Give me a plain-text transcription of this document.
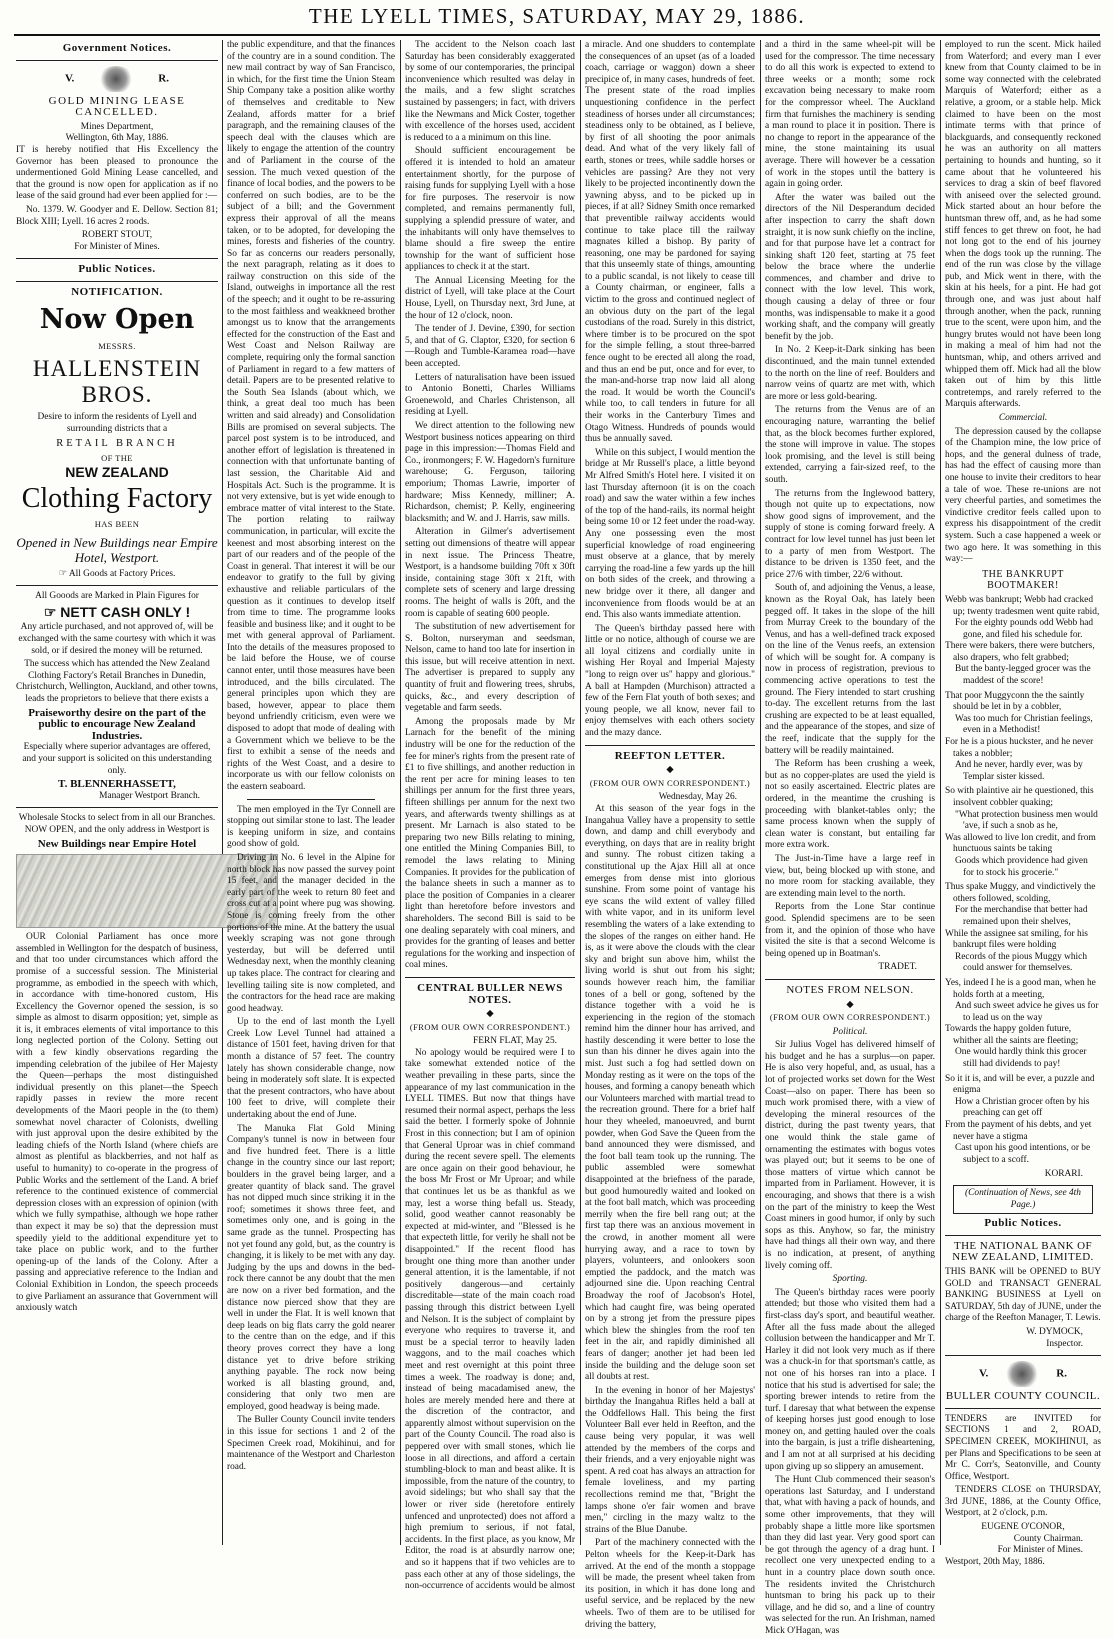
THE LYELL TIMES, SATURDAY, MAY 29, 1886.
Government Notices.
V.	R.
GOLD MINING LEASE CANCELLED.
Mines Department,
Wellington, 6th May, 1886.

IT is hereby notified that His Excellency the Governor has been pleased to pronounce the undermentioned Gold Mining Lease cancelled, and that the ground is now open for application as if no lease of the said ground had ever been applied for :—

No. 1379. W. Goodyer and E. Dellow. Section 81; Block XIII; Lyell. 16 acres 2 roods.

ROBERT STOUT,
For Minister of Mines.
Public Notices.
NOTIFICATION.
Now Open
MESSRS.
HALLENSTEIN BROS.
Desire to inform the residents of Lyell and surrounding districts that a
RETAIL BRANCH
OF THE
NEW ZEALAND
Clothing Factory
HAS BEEN
Opened in New Buildings near Empire Hotel, Westport.
☞ All Goods at Factory Prices.
All Gooods are Marked in Plain Figures for
☞ NETT CASH ONLY !

Any article purchased, and not approved of, will be exchanged with the same courtesy with which it was sold, or if desired the money will be returned.

The success which has attended the New Zealand Clothing Factory's Retail Branches in Dunedin, Christchurch, Wellington, Auckland, and other towns, leads the proprietors to believe that there exists a

Praiseworthy desire on the part of the public to encourage New Zealand Industries.

Especially where superior advantages are offered, and your support is solicited on this understanding only.

T. BLENNERHASSETT,
Manager Westport Branch.

Wholesale Stocks to select from in all our Branches. NOW OPEN, and the only address in Westport is

New Buildings near Empire Hotel

OUR Colonial Parliament has once more assembled in Wellington for the despatch of business, and that too under circumstances which afford the promise of a successful session. The Ministerial programme, as embodied in the speech with which, in accordance with time-honored custom, His Excellency the Governor opened the session, is so simple as almost to disarm opposition; yet, simple as it is, it embraces elements of vital importance to this long neglected portion of the Colony. Setting out with a few kindly observations regarding the impending celebration of the jubilee of Her Majesty the Queen—perhaps the most distinguished individual presently on this planet—the Speech rapidly passes in review the more recent developments of the Maori people in the (to them) somewhat novel character of Colonists, dwelling with just approval upon the desire exhibited by the leading chiefs of the North Island (where chiefs are almost as plentiful as blackberries, and not half as useful to humanity) to co-operate in the progress of Public Works and the settlement of the Land. A brief reference to the continued existence of commercial depression closes with an expression of opinion (with which we fully sympathise, although we hope rather than expect it may be so) that the depression must speedily yield to the additional expenditure yet to take place on public work, and to the further opening-up of the lands of the Colony. After a passing and appreciative reference to the Indian and Colonial Exhibition in London, the speech proceeds to give Parliament an assurance that Government will anxiously watch

the public expenditure, and that the finances of the country are in a sound condition. The new mail contract by way of San Francisco, in which, for the first time the Union Steam Ship Company take a position alike worthy of themselves and creditable to New Zealand, affords matter for a brief paragraph, and the remaining clauses of the speech deal with the clauses which are likely to engage the attention of the country and of Parliament in the course of the session. The much vexed question of the finance of local bodies, and the powers to be conferred on such bodies, are to be the subject of a bill; and the Government express their approval of all the means taken, or to be adopted, for developing the mines, forests and fisheries of the country. So far as concerns our readers personally, the next paragraph, relating as it does to railway construction on this side of the Island, outweighs in importance all the rest of the speech; and it ought to be re-assuring to the most faithless and weakkneed brother amongst us to know that the arrangements effected for the construction of the East and West Coast and Nelson Railway are complete, requiring only the formal sanction of Parliament in regard to a few matters of detail. Papers are to be presented relative to the South Sea Islands (about which, we think, a great deal too much has been written and said already) and Consolidation Bills are promised on several subjects. The parcel post system is to be introduced, and another effort of legislation is threatened in connection with that unfortunate banting of last session, the Charitable Aid and Hospitals Act. Such is the programme. It is not very extensive, but is yet wide enough to embrace matter of vital interest to the State. The portion relating to railway communication, in particular, will excite the keenest and most absorbing interest on the part of our readers and of the people of the Coast in general. That interest it will be our endeavor to gratify to the full by giving exhaustive and reliable particulars of the question as it continues to develop itself from time to time. The programme looks feasible and business like; and it ought to be met with general approval of Parliament. Into the details of the measures proposed to be laid before the House, we of course cannot enter, until those measures have been introduced, and the bills circulated. The general principles upon which they are based, however, appear to place them beyond unfriendly criticism, even were we disposed to adopt that mode of dealing with a Government which we believe to be the first to exhibit a sense of the needs and rights of the West Coast, and a desire to incorporate us with our fellow colonists on the eastern seaboard.

The men employed in the Tyr Connell are stopping out similar stone to last. The leader is keeping uniform in size, and contains good show of gold.

Driving in No. 6 level in the Alpine for north block has now passed the survey point 15 feet, and the manager decided in the early part of the week to return 80 feet and cross cut at a point where pug was showing. Stone is coming freely from the other portions of the mine. At the battery the usual weekly scraping was not gone through yesterday, but will be deferred until Wednesday next, when the monthly cleaning up takes place. The contract for clearing and levelling tailing site is now completed, and the contractors for the head race are making good headway.

Up to the end of last month the Lyell Creek Low Level Tunnel had attained a distance of 1501 feet, having driven for that month a distance of 57 feet. The country lately has shown considerable change, now being in moderately soft slate. It is expected that the present contractors, who have about 100 feet to drive, will complete their undertaking about the end of June.

The Manuka Flat Gold Mining Company's tunnel is now in between four and five hundred feet. There is a little change in the country since our last report; boulders in the gravel being larger, and a greater quantity of black sand. The gravel has not dipped much since striking it in the roof; sometimes it shows three feet, and sometimes only one, and is going in the same grade as the tunnel. Prospecting has not yet found any gold, but, as the country is changing, it is likely to be met with any day. Judging by the ups and downs in the bed-rock there cannot be any doubt that the men are now on a river bed formation, and the distance now pierced show that they are well in under the Flat. It is well known that deep leads on big flats carry the gold nearer to the centre than on the edge, and if this theory proves correct they have a long distance yet to drive before striking anything payable. The rock now being worked is all blasting ground, and, considering that only two men are employed, good headway is being made.

The Buller County Council invite tenders in this issue for sections 1 and 2 of the Specimen Creek road, Mokihinui, and for maintenance of the Westport and Charleston road.

The accident to the Nelson coach last Saturday has been considerably exaggerated by some of our contemporaries, the principal inconvenience which resulted was delay in the mails, and a few slight scratches sustained by passengers; in fact, with drivers like the Newmans and Mick Coster, together with excellence of the horses used, accident is reduced to a a minimum on this line.

Should sufficient encouragement be offered it is intended to hold an amateur entertainment shortly, for the purpose of raising funds for supplying Lyell with a hose for fire purposes. The reservoir is now completed, and remains permanently full, supplying a splendid pressure of water, and the inhabitants will only have themselves to blame should a fire sweep the entire township for the want of sufficient hose appliances to check it at the start.

The Annual Licensing Meeting for the district of Lyell, will take place at the Court House, Lyell, on Thursday next, 3rd June, at the hour of 12 o'clock, noon.

The tender of J. Devine, £390, for section 5, and that of G. Claptor, £320, for section 6—Rough and Tumble-Karamea road—have been accepted.

Letters of naturalisation have been issued to Antonio Bonetti, Charles Williams Groenewold, and Charles Christenson, all residing at Lyell.

We direct attention to the following new Westport business notices appearing on third page in this impression:—Thomas Field and Co., ironmongers; F. W. Hagedorn's furniture warehouse; G. Ferguson, tailoring emporium; Thomas Lawrie, importer of hardware; Miss Kennedy, milliner; A. Richardson, chemist; P. Kelly, engineering blacksmith; and W. and J. Harris, saw mills.

Alteration in Gilmer's advertisement setting out dimensions of theatre will appear in next issue. The Princess Theatre, Westport, is a handsome building 70ft x 30ft inside, containing stage 30ft x 21ft, with complete sets of scenery and large dressing rooms. The height of walls is 20ft, and the room is capable of seating 600 people.

The substitution of new advertisement for S. Bolton, nurseryman and seedsman, Nelson, came to hand too late for insertion in this issue, but will receive attention in next. The advertiser is prepared to supply any quantity of fruit and flowering trees, shrubs, quicks, &c., and every description of vegetable and farm seeds.

Among the proposals made by Mr Larnach for the benefit of the mining industry will be one for the reduction of the fee for miner's rights from the present rate of £1 to five shillings, and another reduction in the rent per acre for mining leases to ten shillings per annum for the first three years, fifteen shillings per annum for the next two years, and afterwards twenty shillings as at present. Mr Larnach is also stated to be preparing two new Bills relating to mining, one entitled the Mining Companies Bill, to remodel the laws relating to Mining Companies. It provides for the publication of the balance sheets in such a manner as to place the position of Companies in a clearer light than heretofore before investors and shareholders. The second Bill is said to be one dealing separately with coal miners, and provides for the granting of leases and better regulations for the working and inspection of coal mines.

CENTRAL BULLER NEWS NOTES.
◆
(FROM OUR OWN CORRESPONDENT.)
FERN FLAT, May 25.

No apology would be required were I to take somewhat extended notice of the weather prevailing in these parts, since the appearance of my last communication in the LYELL TIMES. But now that things have resumed their normal aspect, perhaps the less said the better. I formerly spoke of Johnnie Frost in this connection; but I am of opinion that General Uproar was in chief command during the recent severe spell. The elements are once again on their good behaviour, he the boss Mr Frost or Mr Uproar; and while that continues let us be as thankful as we may, lest a worse thing befall us. Steady, solid, good weather cannot reasonably be expected at mid-winter, and "Blessed is he that expecteth little, for verily he shall not be disappointed." If the recent flood has brought one thing more than another under general attention, it is the lamentable, if not positively dangerous—and certainly discreditable—state of the main coach road passing through this district between Lyell and Nelson. It is the subject of complaint by everyone who requires to traverse it, and must be a special terror to heavily laden waggons, and to the mail coaches which meet and rest overnight at this point three times a week. The roadway is done; and, instead of being macadamised anew, the holes are merely mended here and there at the discretion of the contractor, and apparently almost without supervision on the part of the County Council. The road also is peppered over with small stones, which lie loose in all directions, and afford a certain stumbling-block to man and beast alike. It is impossible, from the nature of the country, to avoid sidelings; but who shall say that the lower or river side (heretofore entirely unfenced and unprotected) does not afford a high premium to serious, if not fatal, accidents. In the first place, as you know, Mr Editor, the road is at absurdly narrow one; and so it happens that if two vehicles are to pass each other at any of those sidelings, the non-occurrence of accidents would be almost

a miracle. And one shudders to contemplate the consequences of an upset (as of a loaded coach, carriage or waggon) down a sheer precipice of, in many cases, hundreds of feet. The present state of the road implies unquestioning confidence in the perfect steadiness of horses under all circumstances; steadiness only to be obtained, as I believe, by first of all shooting the poor animals dead. And what of the very likely fall of earth, stones or trees, while saddle horses or vehicles are passing? Are they not very likely to be projected incontinently down the yawning abyss, and to be picked up in pieces, if at all? Sidney Smith once remarked that preventible railway accidents would continue to take place till the railway magnates killed a bishop. By parity of reasoning, one may be pardoned for saying that this unseemly state of things, amounting to a public scandal, is not likely to cease till a County chairman, or engineer, falls a victim to the gross and continued neglect of an obvious duty on the part of the legal custodians of the road. Surely in this district, where timber is to be procured on the spot for the simple felling, a stout three-barred fence ought to be erected all along the road, and thus an end be put, once and for ever, to the man-and-horse trap now laid all along the road. It would be worth the Council's while too, to call tenders in future for all their works in the Canterbury Times and Otago Witness. Hundreds of pounds would thus be annually saved.

While on this subject, I would mention the bridge at Mr Russell's place, a little beyond Mr Alfred Smith's Hotel here. I visited it on last Thursday afternoon (it is on the coach road) and saw the water within a few inches of the top of the hand-rails, its normal height being some 10 or 12 feet under the road-way. Any one possessing even the most superficial knowledge of road engineering must observe at a glance, that by merely carrying the road-line a few yards up the hill on both sides of the creek, and throwing a new bridge over it there, all danger and inconvenience from floods would be at an end. This also wants immediate attention.

The Queen's birthday passed here with little or no notice, although of course we are all loyal citizens and cordially unite in wishing Her Royal and Imperial Majesty "long to reign over us" happy and glorious." A ball at Hampden (Murchison) attracted a few of the Fern Flat youth of both sexes; and young people, we all know, never fail to enjoy themselves with each others society and the mazy dance.

REEFTON LETTER.
◆
(FROM OUR OWN CORRESPONDENT.)
Wednesday, May 26.

At this season of the year fogs in the Inangahua Valley have a propensity to settle down, and damp and chill everybody and everything, on days that are in reality bright and sunny. The robust citizen taking a constitutional up the Ajax Hill all at once emerges from dense mist into glorious sunshine. From some point of vantage his eye scans the wild extent of valley filled with white vapor, and in its uniform level resembling the waters of a lake extending to the slopes of the ranges on either hand. He is, as it were above the clouds with the clear sky and bright sun above him, whilst the living world is shut out from his sight; sounds however reach him, the familiar tones of a bell or gong, softened by the distance together with a void he is experiencing in the region of the stomach remind him the dinner hour has arrived, and hastily descending it were better to lose the sun than his dinner he dives again into the mist. Just such a fog had settled down on Monday resting as it were on the tops of the houses, and forming a canopy beneath which our Volunteers marched with martial tread to the recreation ground. There for a brief half hour they wheeled, manoeuvred, and burnt powder, when God Save the Queen from the band announced they were dismissed, and the foot ball team took up the running. The public assembled were somewhat disappointed at the briefness of the parade, but good humouredly waited and looked on at the foot ball match, which was proceeding merrily when the fire bell rang out; at the first tap there was an anxious movement in the crowd, in another moment all were hurrying away, and a race to town by players, volunteers, and onlookers soon emptied the paddock, and the match was adjourned sine die. Upon reaching Central Broadway the roof of Jacobson's Hotel, which had caught fire, was being operated on by a strong jet from the pressure pipes which blew the shingles from the roof ten feet in the air, and rapidly diminished all fears of danger; another jet had been led inside the building and the deluge soon set all doubts at rest.

In the evening in honor of her Majestys' birthday the Inangahua Rifles held a ball at the Oddfellows Hall. This being the first Volunteer Ball ever held in Reefton, and the cause being very popular, it was well attended by the members of the corps and their friends, and a very enjoyable night was spent. A red coat has always an attraction for female loveliness, and my parting recollections remind me that, "Bright the lamps shone o'er fair women and brave men," circling in the mazy waltz to the strains of the Blue Danube.

Part of the machinery connected with the Pelton wheels for the Keep-it-Dark has arrived. At the end of the month a stoppage will be made, the present wheel taken from its position, in which it has done long and useful service, and be replaced by the new wheels. Two of them are to be utilised for driving the battery,

and a third in the same wheel-pit will be used for the compressor. The time necessary to do all this work is expected to extend to three weeks or a month; some rock excavation being necessary to make room for the compressor wheel. The Auckland firm that furnishes the machinery is sending a man round to place it in position. There is no change to report in the appearance of the mine, the stone maintaining its usual average. There will however be a cessation of work in the stopes until the battery is again in going order.

After the water was bailed out the directors of the Nil Desperandum decided after inspection to carry the shaft down straight, it is now sunk chiefly on the incline, and for that purpose have let a contract for sinking shaft 120 feet, starting at 75 feet below the brace where the underlie commences, and chamber and drive to connect with the low level. This work, though causing a delay of three or four months, was indispensable to make it a good working shaft, and the company will greatly benefit by the job.

In No. 2 Keep-it-Dark sinking has been discontinued, and the main tunnel extended to the north on the line of reef. Boulders and narrow veins of quartz are met with, which are more or less gold-bearing.

The returns from the Venus are of an encouraging nature, warranting the belief that, as the block becomes further explored, the stone will improve in value. The stopes look promising, and the level is still being extended, carrying a fair-sized reef, to the south.

The returns from the Inglewood battery, though not quite up to expectations, now show good signs of improvement, and the supply of stone is coming forward freely. A contract for low level tunnel has just been let to a party of men from Westport. The distance to be driven is 1350 feet, and the price 27/6 with timber, 22/6 without.

South of, and adjoining the Venus, a lease, known as the Royal Oak, has lately been pegged off. It takes in the slope of the hill from Murray Creek to the boundary of the Venus, and has a well-defined track exposed on the line of the Venus reefs, an extension of which will be sought for. A company is now in process of registration, previous to commencing active operations to test the ground. The Fiery intended to start crushing to-day. The excellent returns from the last crushing are expected to be at least equalled, and the appearance of the stopes, and size of the reef, indicate that the supply for the battery will be readily maintained.

The Reform has been crushing a week, but as no copper-plates are used the yield is not so easily ascertained. Electric plates are ordered, in the meantime the crushing is proceeding with blanket-tables only; the same process known when the supply of clean water is constant, but entailing far more extra work.

The Just-in-Time have a large reef in view, but, being blocked up with stone, and no more room for stacking available, they are extending main level to the north.

Reports from the Lone Star continue good. Splendid specimens are to be seen from it, and the opinion of those who have visited the site is that a second Welcome is being opened up in Boatman's.

TRADET.
NOTES FROM NELSON.
◆
(FROM OUR OWN CORRESPONDENT.)
Political.

Sir Julius Vogel has delivered himself of his budget and he has a surplus—on paper. He is also very hopeful, and, as usual, has a lot of projected works set down for the West Coast—also on paper. There has been so much work promised there, with a view of developing the mineral resources of the district, during the past twenty years, that one would think the stale game of ornamenting the estimates with bogus votes was played out; but it seems to be one of those matters of virtue which cannot be imparted from in Parliament. However, it is encouraging, and shows that there is a wish on the part of the ministry to keep the West Coast miners in good humor, if only by such sops as this. Anyhow, so far, the ministry have had things all their own way, and there is no indication, at present, of anything lively coming off.

Sporting.

The Queen's birthday races were poorly attended; but those who visited them had a first-class day's sport, and beautiful weather. After all the fuss made about the alleged collusion between the handicapper and Mr T. Harley it did not look very much as if there was a chuck-in for that sportsman's cattle, as not one of his horses ran into a place. I notice that his stud is advertised for sale; the sporting brewer intends to retire from the turf. I daresay that what between the expense of keeping horses just good enough to lose money on, and getting hauled over the coals into the bargain, is just a trifle disheartening, and I am not at all surprised at his deciding upon giving up so slippery an amusement.

The Hunt Club commenced their season's operations last Saturday, and I understand that, what with having a pack of hounds, and some other improvements, that they will probably shape a little more like sportsmen than they did last year. Very good sport can be got through the agency of a drag hunt. I recollect one very unexpected ending to a hunt in a country place down south once. The residents invited the Christchurch huntsman to bring his pack up to their village, and he did so, and a line of country was selected for the run. An Irishman, named Mick O'Hagan, was

employed to run the scent. Mick hailed from Waterford; and every man I ever knew from that County claimed to be in some way connected with the celebrated Marquis of Waterford; either as a relative, a groom, or a stable help. Mick claimed to have been on the most intimate terms with that prince of blackguards, and consequently reckoned he was an authority on all matters pertaining to hounds and hunting, so it came about that he volunteered his services to drag a skin of beef flavored with aniseed over the selected ground. Mick started about an hour before the huntsman threw off, and, as he had some stiff fences to get threw on foot, he had not long got to the end of his journey when the dogs took up the running. The end of the run was close by the village pub, and Mick went in there, with the skin at his heels, for a pint. He had got through one, and was just about half through another, when the pack, running true to the scent, were upon him, and the hungry brutes would not have been long in making a meal of him had not the huntsman, whip, and others arrived and whipped them off. Mick had all the blow taken out of him by this little contretemps, and rarely referred to the Marquis afterwards.

Commercial.

The depression caused by the collapse of the Champion mine, the low price of hops, and the general dulness of trade, has had the effect of causing more than one house to invite their creditors to hear a tale of woe. These re-unions are not very cheerful parties, and sometimes the vindictive creditor feels called upon to express his disappointment of the credit system. Such a case happened a week or two ago here. It was something in this way:—

THE BANKRUPT BOOTMAKER!
Webb was bankrupt; Webb had cracked up; twenty tradesmen went quite rabid,
For the eighty pounds odd Webb had gone, and filed his schedule for.
There were bakers, there were butchers, also drapers, who felt grabbed;
But the banty-legged grocer was the maddest of the score!
That poor Muggyconn the the saintly should be let in by a cobbler,
Was too much for Christian feelings, even in a Methodist!
For he is a pious huckster, and he never takes a nobbler;
And he never, hardly ever, was by Templar sister kissed.
So with plaintive air he questioned, this insolvent cobbler quaking;
"What protection business men would 'ave, if such a snob as he,
Was allowed to live lon credit, and from hunctuous saints be taking
Goods which providence had given for to stock his grocerie."
Thus spake Muggy, and vindictively the others followed, scolding,
For the merchandise that better had remained upon their shelves,
While the assignee sat smiling, for his bankrupt files were holding
Records of the pious Muggy which could answer for themselves.
Yes, indeed I he is a good man, when he holds forth at a meeting,
And such sweet advice he gives us for to lead us on the way
Towards the happy golden future, whither all the saints are fleeting;
One would hardly think this grocer still had dividends to pay!
So it it is, and will be ever, a puzzle and enigma
How a Christian grocer often by his preaching can get off
From the payment of his debts, and yet never have a stigma
Cast upon his good intentions, or be subject to a scoff.
KORARI.
(Continuation of News, see 4th Page.)
Public Notices.
THE NATIONAL BANK OF NEW ZEALAND, LIMITED.

THIS BANK will be OPENED to BUY GOLD and TRANSACT GENERAL BANKING BUSINESS at Lyell on SATURDAY, 5th day of JUNE, under the charge of the Reefton Manager, T. Lewis.

W. DYMOCK,
Inspector.
V.	R.
BULLER COUNTY COUNCIL.

TENDERS are INVITED for SECTIONS 1 and 2, ROAD, SPECIMEN CREEK, MOKIHINUI, as per Plans and Specifications to be seen at Mr C. Corr's, Seatonville, and County Office, Westport.

TENDERS CLOSE on THURSDAY, 3rd JUNE, 1886, at the County Office, Westport, at 2 o'clock, p.m.

EUGENE O'CONOR,
County Chairman.
For Minister of Mines.
Westport, 20th May, 1886.
